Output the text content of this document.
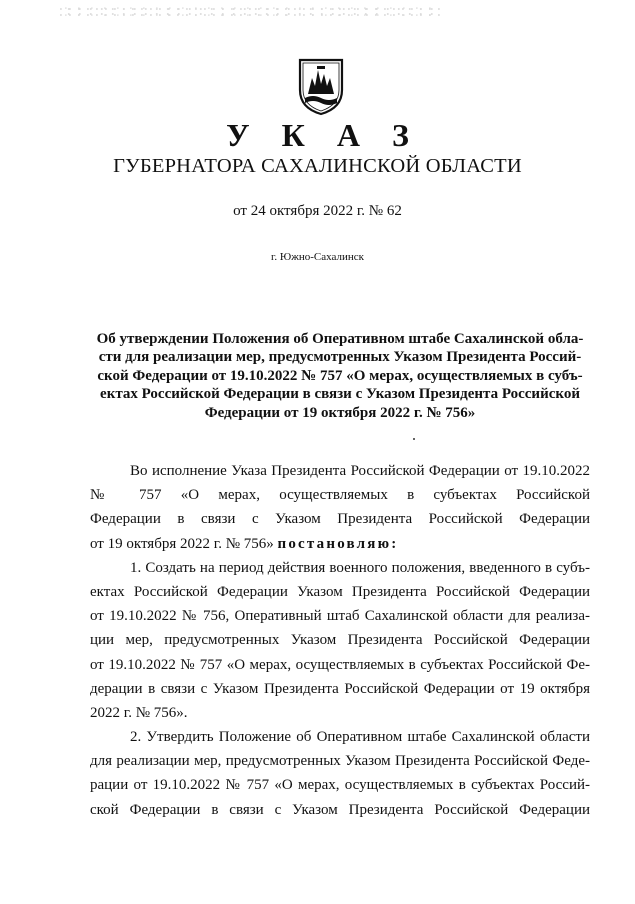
У К А З
ГУБЕРНАТОРА САХАЛИНСКОЙ ОБЛАСТИ
от 24 октября 2022 г. № 62
г. Южно-Сахалинск
Об утверждении Положения об Оперативном штабе Сахалинской обла-
сти для реализации мер, предусмотренных Указом Президента Россий-
ской Федерации от 19.10.2022 № 757 «О мерах, осуществляемых в субъ-
ектах Российской Федерации в связи с Указом Президента Российской
Федерации от 19 октября 2022 г. № 756»
Во исполнение Указа Президента Российской Федерации от 19.10.2022
№ 757 «О мерах, осуществляемых в субъектах Российской
Федерации в связи с Указом Президента Российской Федерации
от 19 октября 2022 г. № 756» постановляю:
1. Создать на период действия военного положения, введенного в субъ-
ектах Российской Федерации Указом Президента Российской Федерации
от 19.10.2022 № 756, Оперативный штаб Сахалинской области для реализа-
ции мер, предусмотренных Указом Президента Российской Федерации
от 19.10.2022 № 757 «О мерах, осуществляемых в субъектах Российской Фе-
дерации в связи с Указом Президента Российской Федерации от 19 октября
2022 г. № 756».
2. Утвердить Положение об Оперативном штабе Сахалинской области
для реализации мер, предусмотренных Указом Президента Российской Феде-
рации от 19.10.2022 № 757 «О мерах, осуществляемых в субъектах Россий-
ской Федерации в связи с Указом Президента Российской Федерации
